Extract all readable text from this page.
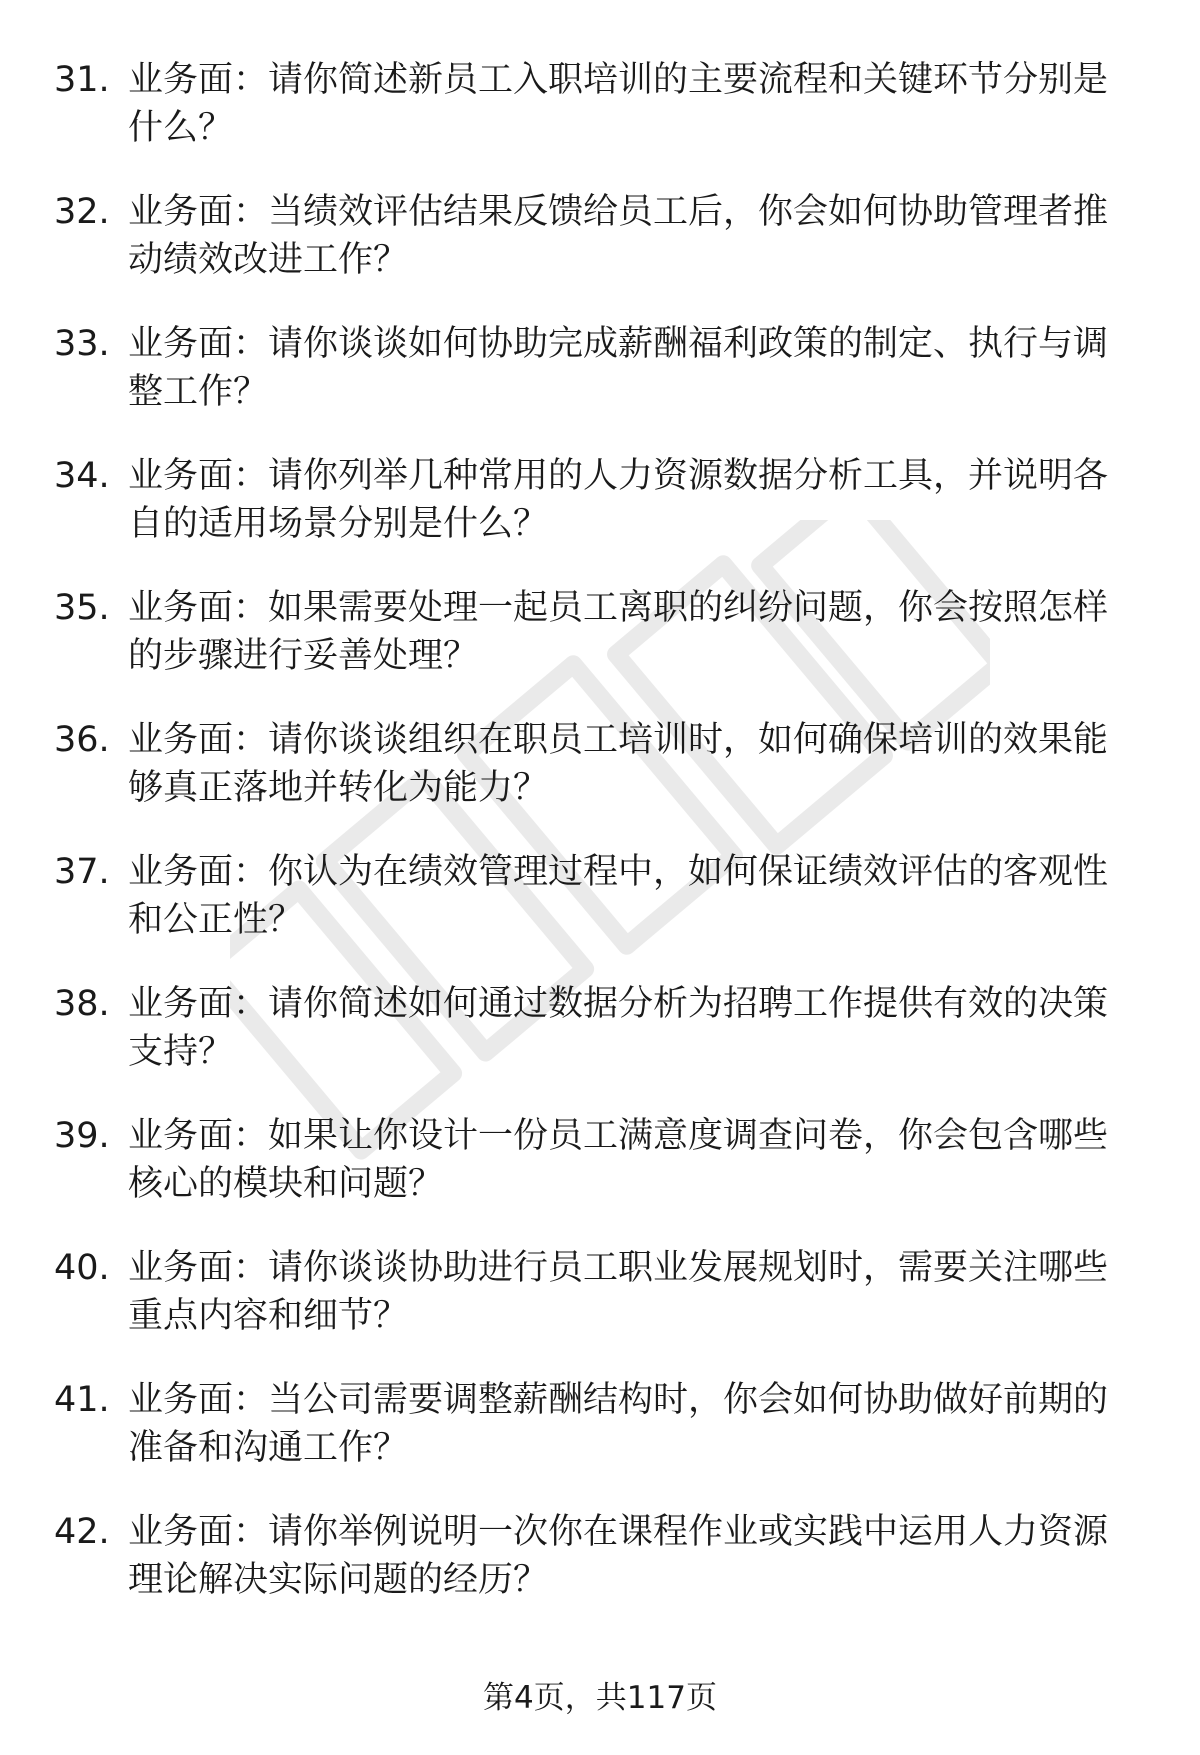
31. 业务面：请你简述新员工入职培训的主要流程和关键环节分别是
什么？
32. 业务面：当绩效评估结果反馈给员工后，你会如何协助管理者推
动绩效改进工作？
33. 业务面：请你谈谈如何协助完成薪酬福利政策的制定、执行与调
整工作？
34. 业务面：请你列举几种常用的人力资源数据分析工具，并说明各
自的适用场景分别是什么？
35. 业务面：如果需要处理一起员工离职的纠纷问题，你会按照怎样
的步骤进行妥善处理？
36. 业务面：请你谈谈组织在职员工培训时，如何确保培训的效果能
够真正落地并转化为能力？
37. 业务面：你认为在绩效管理过程中，如何保证绩效评估的客观性
和公正性？
38. 业务面：请你简述如何通过数据分析为招聘工作提供有效的决策
支持？
39. 业务面：如果让你设计一份员工满意度调查问卷，你会包含哪些
核心的模块和问题？
40. 业务面：请你谈谈协助进行员工职业发展规划时，需要关注哪些
重点内容和细节？
41. 业务面：当公司需要调整薪酬结构时，你会如何协助做好前期的
准备和沟通工作？
42. 业务面：请你举例说明一次你在课程作业或实践中运用人力资源
理论解决实际问题的经历？
第4页，共117页
